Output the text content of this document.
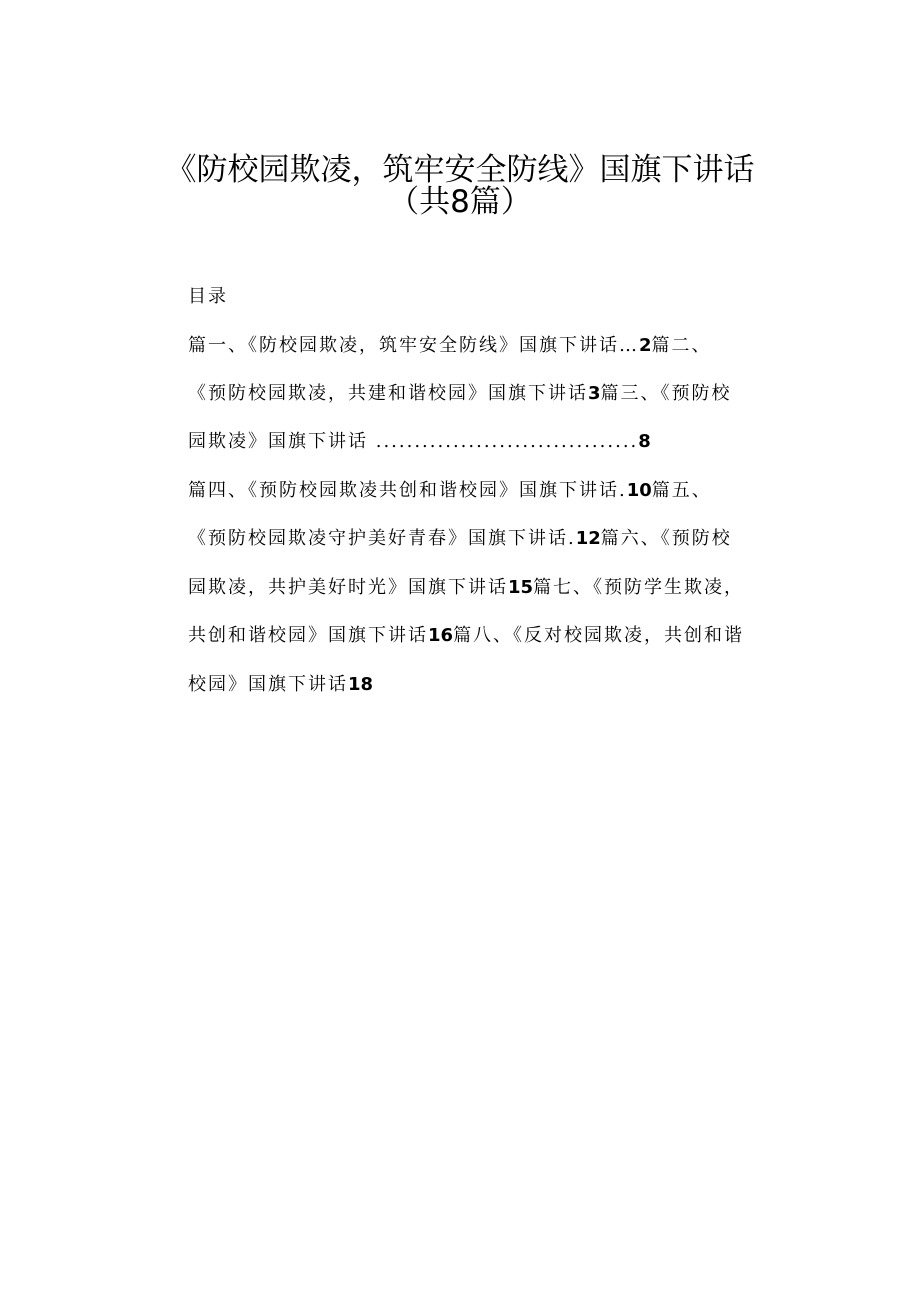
《防校园欺凌，筑牢安全防线》国旗下讲话
（共8篇）
目录
篇一、《防校园欺凌，筑牢安全防线》国旗下讲话…2篇二、
《预防校园欺凌，共建和谐校园》国旗下讲话3篇三、《预防校
园欺凌》国旗下讲话 ..................................8
篇四、《预防校园欺凌共创和谐校园》国旗下讲话.10篇五、
《预防校园欺凌守护美好青春》国旗下讲话.12篇六、《预防校
园欺凌，共护美好时光》国旗下讲话15篇七、《预防学生欺凌，
共创和谐校园》国旗下讲话16篇八、《反对校园欺凌，共创和谐
校园》国旗下讲话18
